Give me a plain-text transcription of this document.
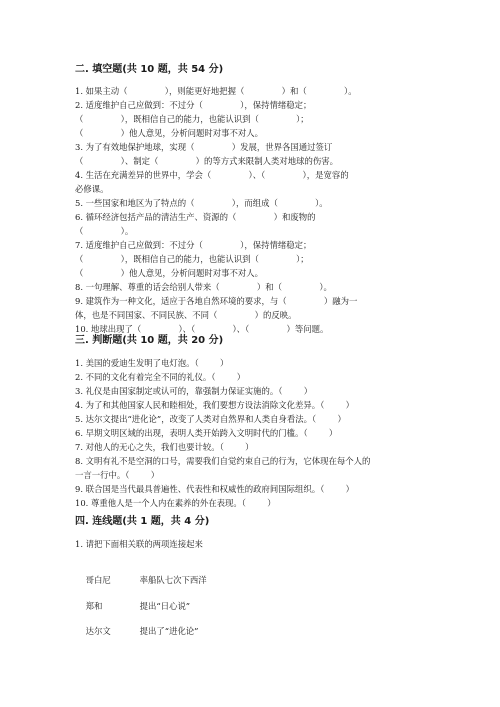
二. 填空题(共 10 题，共 54 分)
1. 如果主动（              ），则能更好地把握（              ）和（              ）。
2. 适度维护自己应做到：不过分（              ），保持情绪稳定；
（              ），既相信自己的能力，也能认识到（              ）；
（              ）他人意见，分析问题时对事不对人。
3. 为了有效地保护地球，实现（              ）发展，世界各国通过签订
（              ）、制定（              ）的等方式来限制人类对地球的伤害。
4. 生活在充满差异的世界中，学会（              ）、（              ），是宽容的
必修课。
5. 一些国家和地区为了特点的（              ），而组成（              ）。
6. 循环经济包括产品的清洁生产、资源的（              ）和废物的
（              ）。
7. 适度维护自己应做到：不过分（              ），保持情绪稳定；
（              ），既相信自己的能力，也能认识到（              ）；
（              ）他人意见，分析问题时对事不对人。
8. 一句理解、尊重的话会给别人带来（              ）和（              ）。
9. 建筑作为一种文化，适应于各地自然环境的要求，与（              ）融为一
体，也是不同国家、不同民族、不同（              ）的反映。
10. 地球出现了（              ）、（              ）、（              ）等问题。
三. 判断题(共 10 题，共 20 分)
1. 美国的爱迪生发明了电灯泡。（        ）
2. 不同的文化有着完全不同的礼仪。（        ）
3. 礼仪是由国家制定或认可的，靠强制力保证实施的。（        ）
4. 为了和其他国家人民和睦相处，我们要想方设法消除文化差异。（        ）
5. 达尔文提出“进化论”，改变了人类对自然界和人类自身看法。（        ）
6. 早期文明区域的出现，表明人类开始跨入文明时代的门槛。（        ）
7. 对他人的无心之失，我们也要计较。（        ）
8. 文明有礼不是空洞的口号，需要我们自觉约束自己的行为，它体现在每个人的
一言一行中。（        ）
9. 联合国是当代最具普遍性、代表性和权威性的政府间国际组织。（        ）
10. 尊重他人是一个人内在素养的外在表现。（        ）
四. 连线题(共 1 题，共 4 分)
1. 请把下面相关联的两项连接起来

哥白尼	率船队七次下西洋

郑和	提出“日心说”

达尔文	提出了“进化论”
